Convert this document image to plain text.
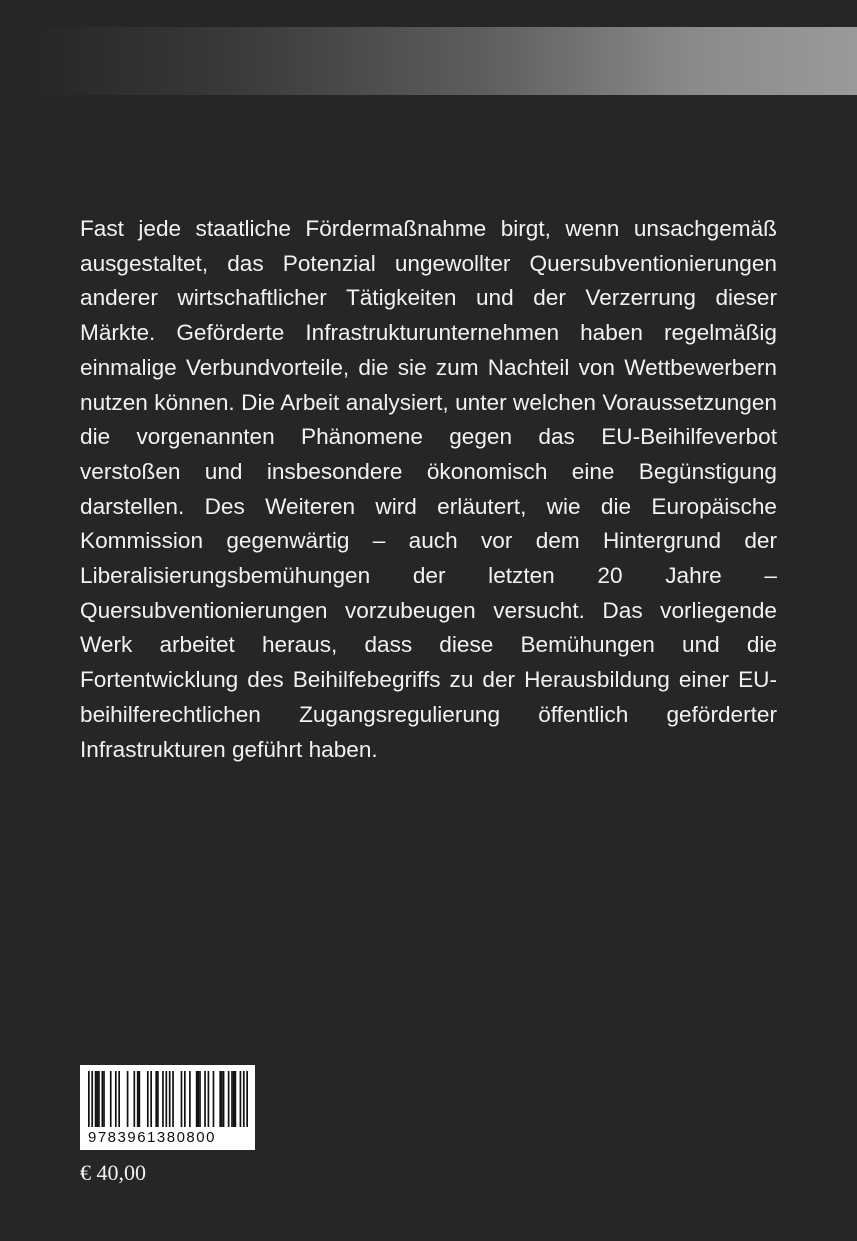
Fast jede staatliche Fördermaßnahme birgt, wenn unsachgemäß ausgestaltet, das Potenzial ungewollter Quersubventionierungen anderer wirtschaftlicher Tätigkeiten und der Verzerrung dieser Märkte. Geförderte Infrastrukturunternehmen haben regelmäßig einmalige Verbundvorteile, die sie zum Nachteil von Wettbewerbern nutzen können. Die Arbeit analysiert, unter welchen Voraussetzungen die vorgenannten Phänomene gegen das EU-Beihilfeverbot verstoßen und insbesondere ökonomisch eine Begünstigung darstellen. Des Weiteren wird erläutert, wie die Europäische Kommission gegenwärtig – auch vor dem Hintergrund der Liberalisierungsbemühungen der letzten 20 Jahre – Quersubventionierungen vorzubeugen versucht. Das vorliegende Werk arbeitet heraus, dass diese Bemühungen und die Fortentwicklung des Beihilfebegriffs zu der Herausbildung einer EU-beihilferechtlichen Zugangsregulierung öffentlich geförderter Infrastrukturen geführt haben.

9783961380800
€ 40,00
